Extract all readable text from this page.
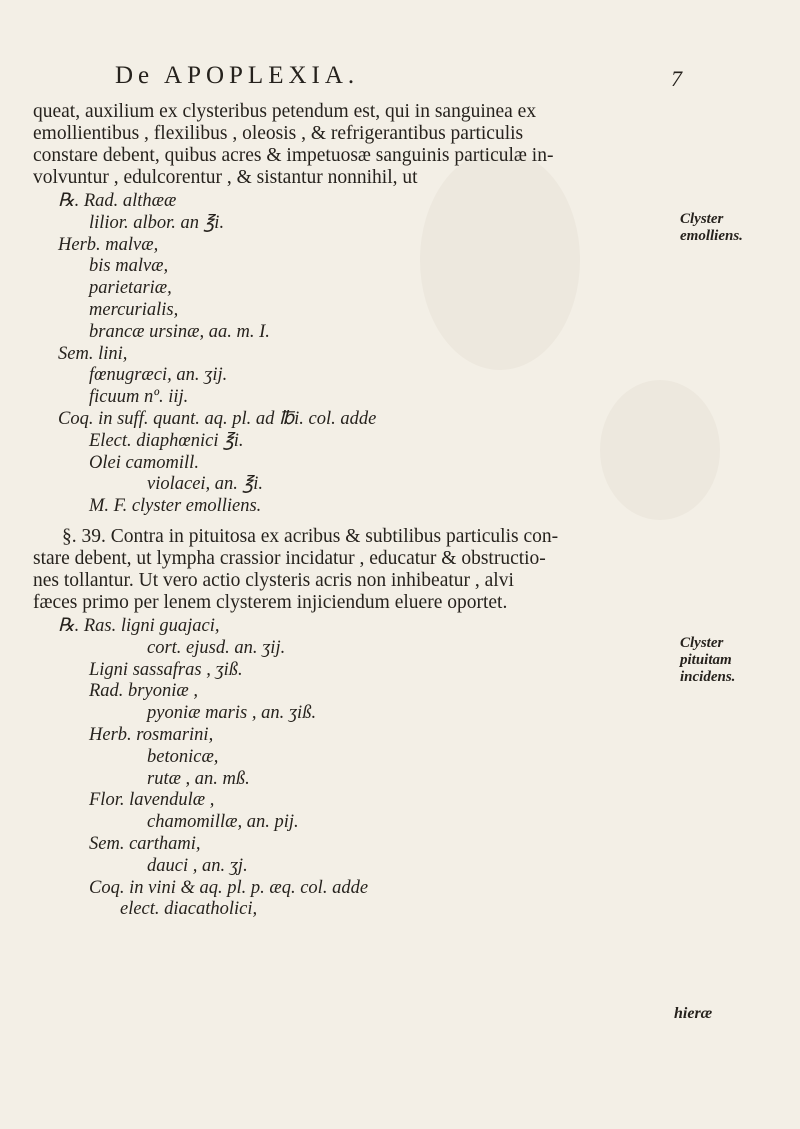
De APOPLEXIA.	7
queat, auxilium ex clysteribus petendum est, qui in sanguinea ex
emollientibus , flexilibus , oleosis , & refrigerantibus particulis
constare debent, quibus acres & impetuosæ sanguinis particulæ in-
volvuntur , edulcorentur , & sistantur nonnihil, ut
℞. Rad. althææ
lilior. albor. an ℥i.
Herb. malvæ,
bis malvæ,
parietariæ,
mercurialis,
brancæ ursinæ, aa. m. I.
Sem. lini,
fœnugræci, an. ʒij.
ficuum nº. iij.
Coq. in suff. quant. aq. pl. ad ℔i. col. adde
Elect. diaphœnici ℥i.
Olei camomill.
violacei, an. ℥i.
M. F. clyster emolliens.
Clyster
emolliens.
§. 39. Contra in pituitosa ex acribus & subtilibus particulis con-
stare debent, ut lympha crassior incidatur , educatur & obstructio-
nes tollantur. Ut vero actio clysteris acris non inhibeatur , alvi
fæces primo per lenem clysterem injiciendum eluere oportet.
℞. Ras. ligni guajaci,
cort. ejusd. an. ʒij.
Ligni sassafras , ʒiß.
Rad. bryoniæ ,
pyoniæ maris , an. ʒiß.
Herb. rosmarini,
betonicæ,
rutæ , an. mß.
Flor. lavendulæ ,
chamomillæ, an. pij.
Sem. carthami,
dauci , an. ʒj.
Coq. in vini & aq. pl. p. æq. col. adde
elect. diacatholici,
Clyster
pituitam
incidens.
hieræ
